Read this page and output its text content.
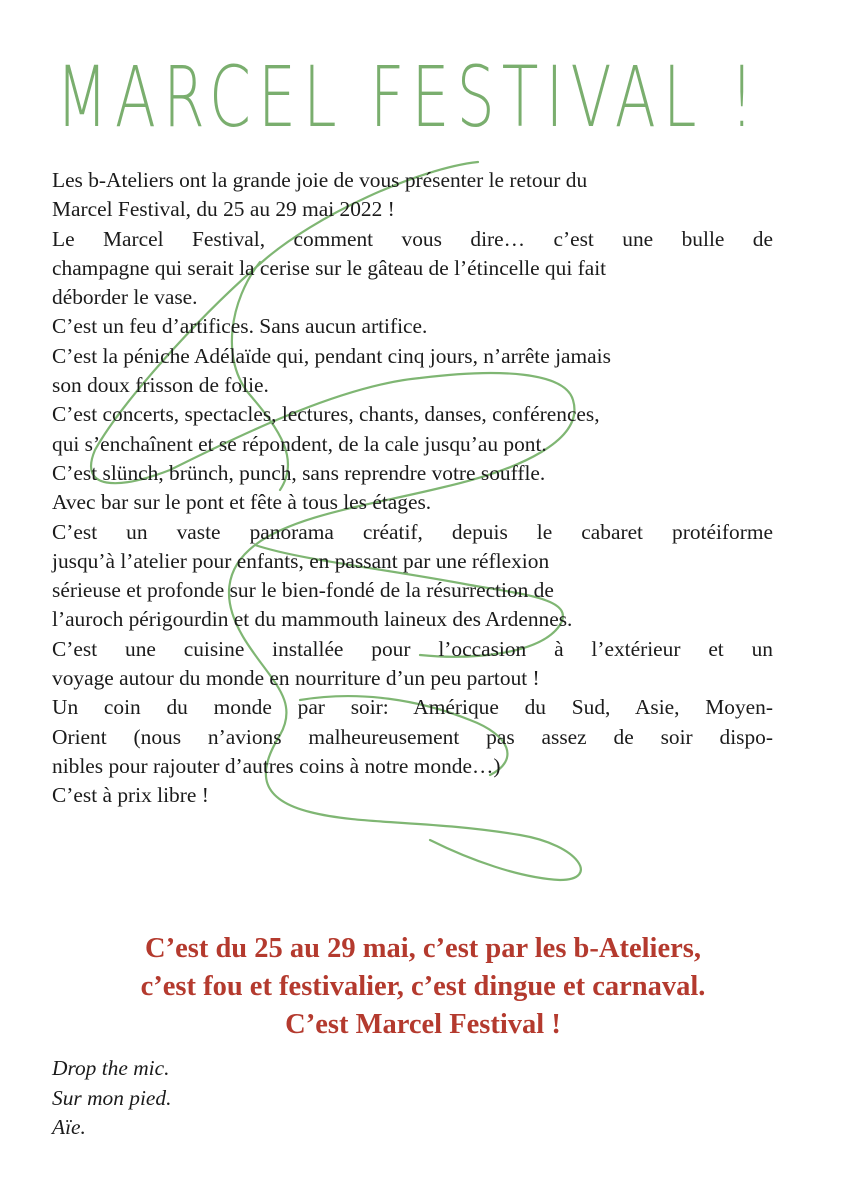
MARCEL FESTIVAL !
Les b-Ateliers ont la grande joie de vous présenter le retour du
Marcel Festival, du 25 au 29 mai 2022 !
Le Marcel Festival, comment vous dire… c’est une bulle de
champagne qui serait la cerise sur le gâteau de l’étincelle qui fait
déborder le vase.
C’est un feu d’artifices. Sans aucun artifice.
C’est la péniche Adélaïde qui, pendant cinq jours, n’arrête jamais
son doux frisson de folie.
C’est concerts, spectacles, lectures, chants, danses, conférences,
qui s’enchaînent et se répondent, de la cale jusqu’au pont.
C’est slünch, brünch, punch, sans reprendre votre souffle.
Avec bar sur le pont et fête à tous les étages.
C’est un vaste panorama créatif, depuis le cabaret protéiforme
jusqu’à l’atelier pour enfants, en passant par une réflexion
sérieuse et profonde sur le bien-fondé de la résurrection de
l’auroch périgourdin et du mammouth laineux des Ardennes.
C’est une cuisine installée pour l’occasion à l’extérieur et un
voyage autour du monde en nourriture d’un peu partout !
Un coin du monde par soir: Amérique du Sud, Asie, Moyen-
Orient (nous n’avions malheureusement pas assez de soir dispo-
nibles pour rajouter d’autres coins à notre monde…)
C’est à prix libre !
C’est du 25 au 29 mai, c’est par les b-Ateliers,
c’est fou et festivalier, c’est dingue et carnaval.
C’est Marcel Festival !
Drop the mic.
Sur mon pied.
Aïe.
